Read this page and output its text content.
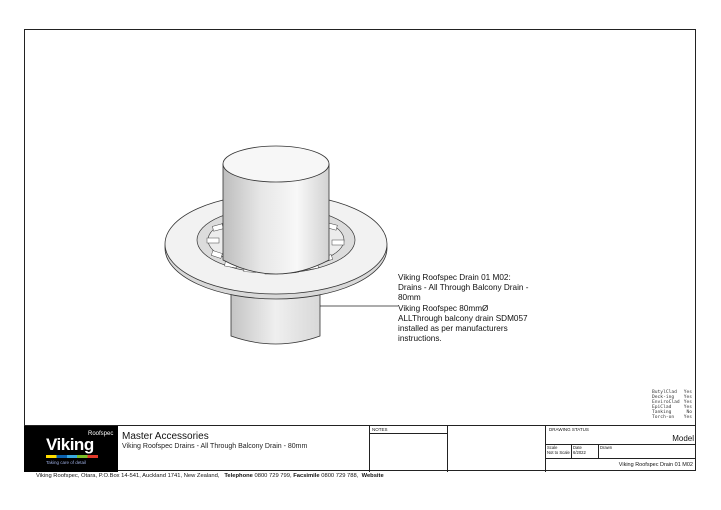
Viking Roofspec Drain 01 M02:
Drains - All Through Balcony Drain -
80mm
Viking Roofspec 80mmØ
ALLThrough balcony drain SDM057
installed as per manufacturers
instructions.
ButylClad Yes
Deck-ing Yes
EnviroClad Yes
EpiClad	Yes
Tanking	No
Torch-on Yes
Roofspec
Viking
Taking care of detail
Master Accessories
Viking Roofspec Drains - All Through Balcony Drain - 80mm
NOTES	DRAWING STATUS
Model
Scale
Not to Scale
Date
6/2022
Drawn
Viking Roofspec Drain 01 M02
Viking Roofspec, Otara, P.O.Box 14-541, Auckland 1741, New Zealand, Telephone 0800 729 799, Facsimile 0800 729 788, Website
